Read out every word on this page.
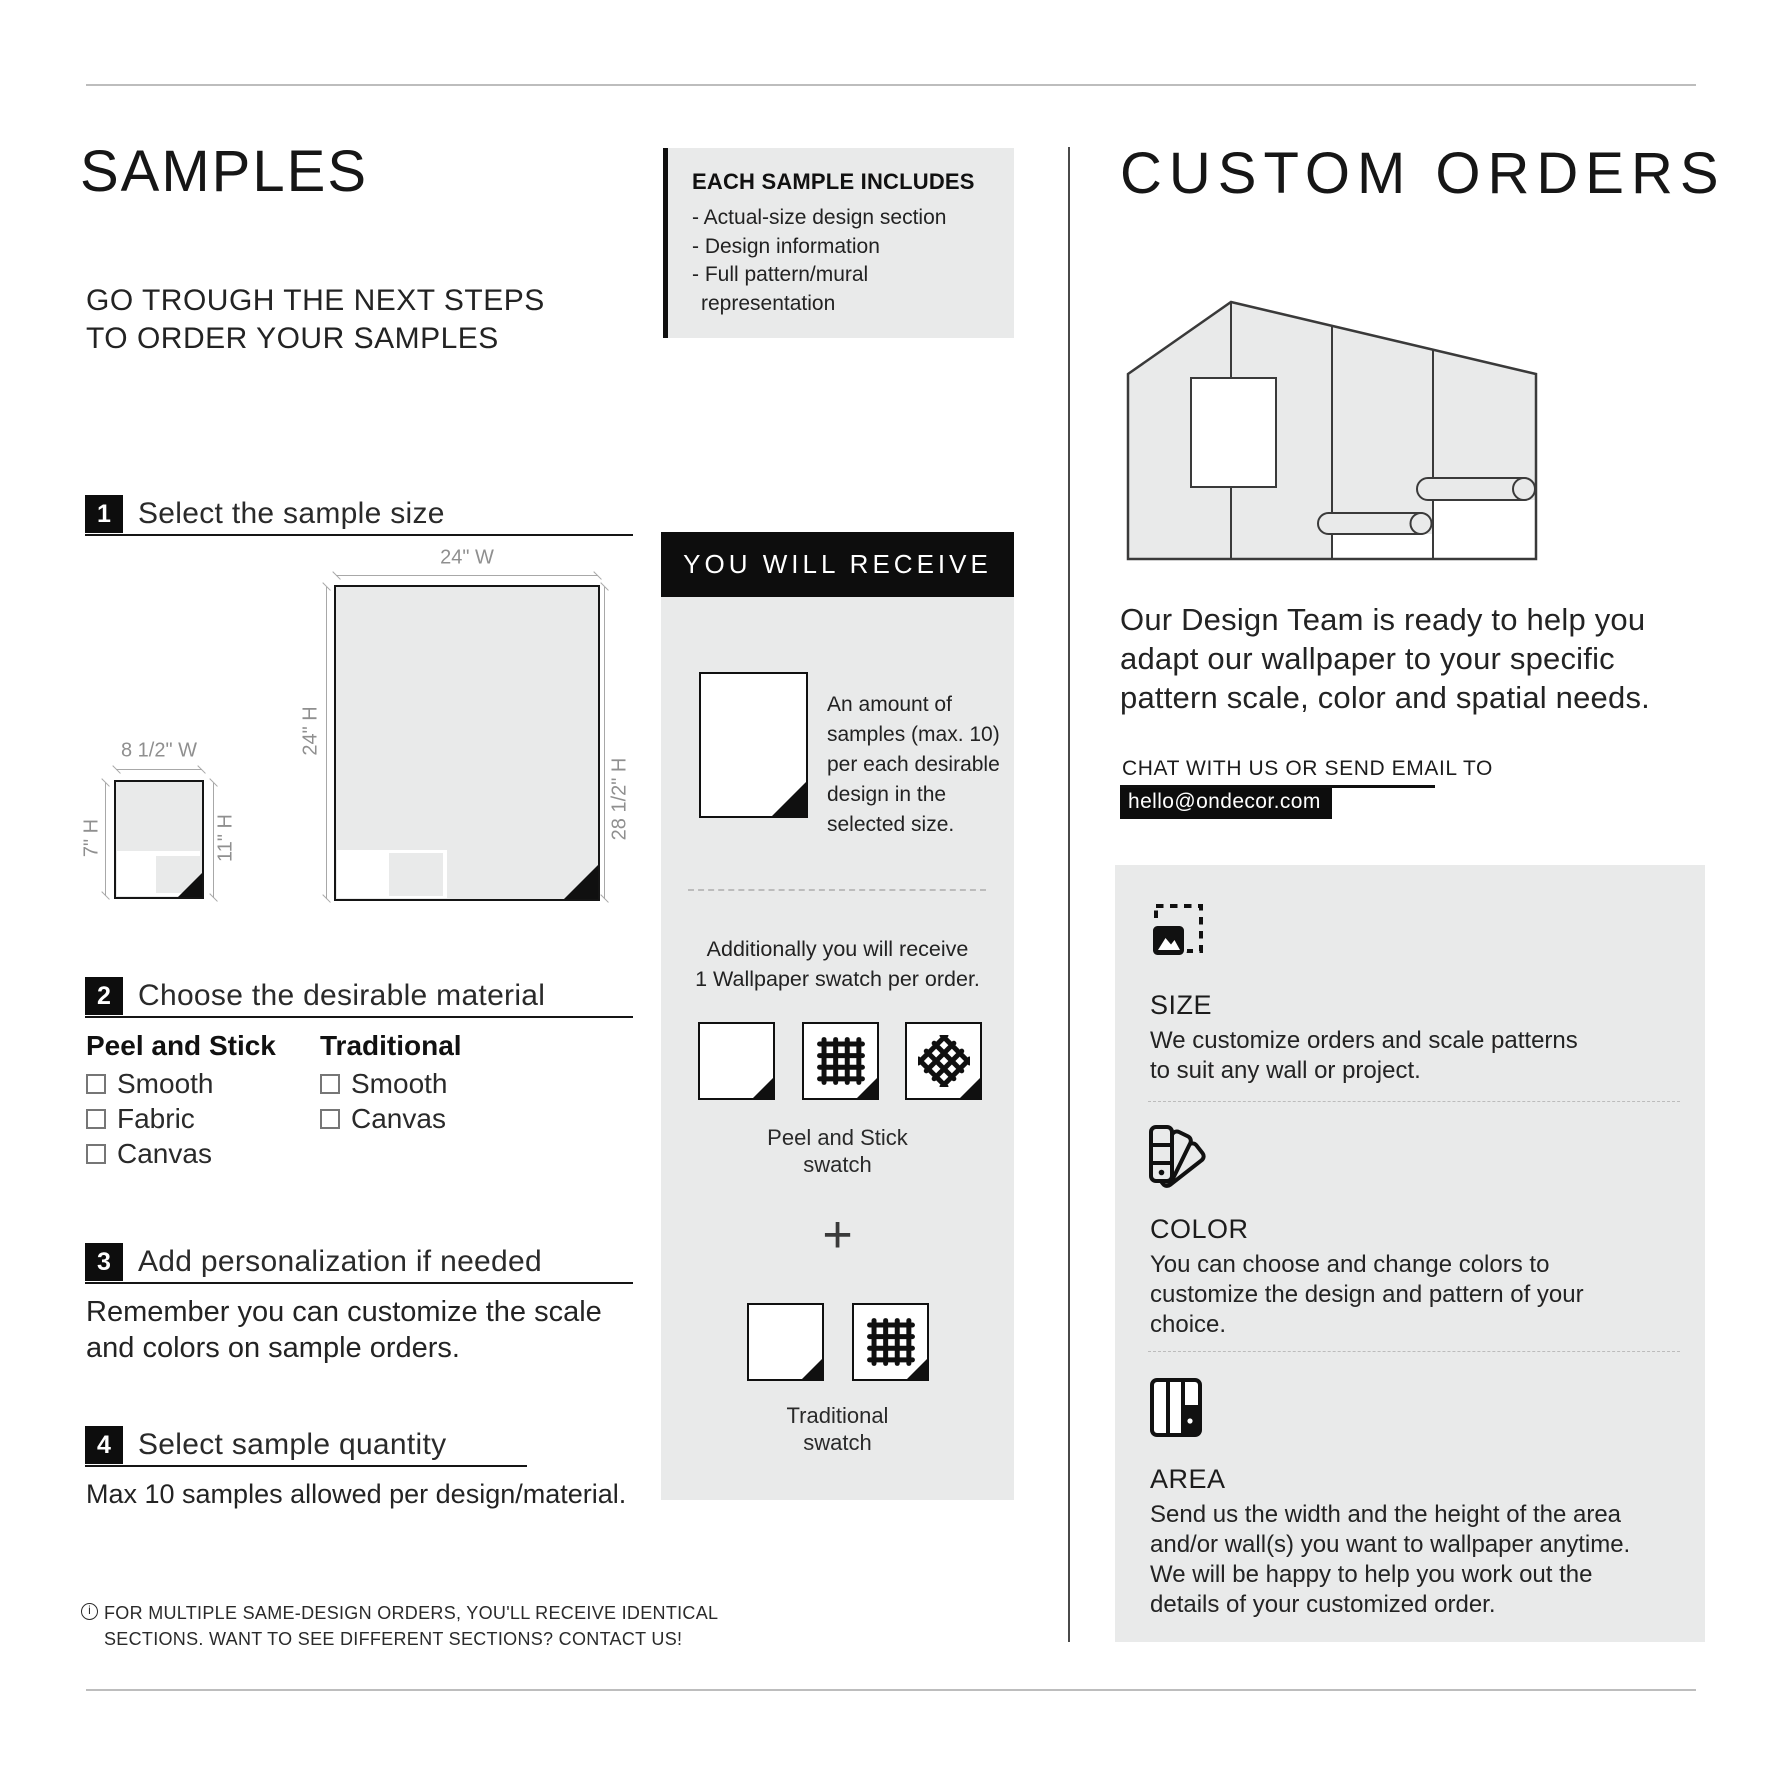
SAMPLES
GO TROUGH THE NEXT STEPS
TO ORDER YOUR SAMPLES
1 Select the sample size
24" W
24" H
28 1/2" H
8 1/2" W
7" H	11" H
2 Choose the desirable material
Peel and Stick Traditional
Smooth
Fabric
Canvas
Smooth
Canvas
3 Add personalization if needed
Remember you can customize the scale
and colors on sample orders.
4 Select sample quantity
Max 10 samples allowed per design/material.
i FOR MULTIPLE SAME-DESIGN ORDERS, YOU'LL RECEIVE IDENTICAL
SECTIONS. WANT TO SEE DIFFERENT SECTIONS? CONTACT US!
EACH SAMPLE INCLUDES
- Actual-size design section
- Design information
- Full pattern/mural
representation
YOU WILL RECEIVE
An amount of
samples (max. 10)
per each desirable
design in the
selected size.
Additionally you will receive
1 Wallpaper swatch per order.
Peel and Stick
swatch
+
Traditional
swatch
CUSTOM ORDERS
Our Design Team is ready to help you
adapt our wallpaper to your specific
pattern scale, color and spatial needs.
CHAT WITH US OR SEND EMAIL TO
hello@ondecor.com
SIZE
We customize orders and scale patterns
to suit any wall or project.
COLOR
You can choose and change colors to
customize the design and pattern of your
choice.
AREA
Send us the width and the height of the area
and/or wall(s) you want to wallpaper anytime.
We will be happy to help you work out the
details of your customized order.
